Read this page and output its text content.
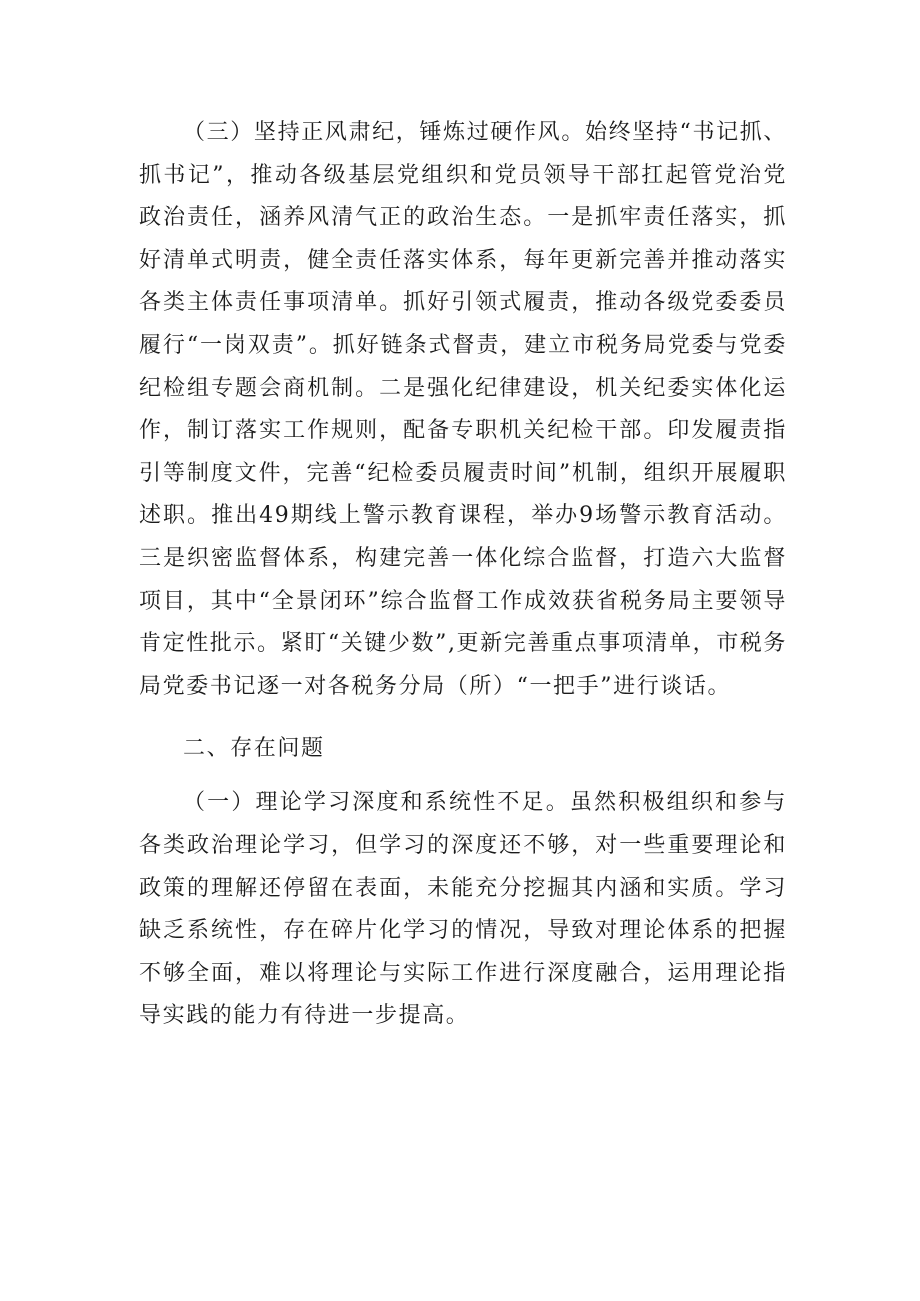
（三）坚持正风肃纪，锤炼过硬作风。始终坚持“书记抓、抓书记”，推动各级基层党组织和党员领导干部扛起管党治党政治责任，涵养风清气正的政治生态。一是抓牢责任落实，抓好清单式明责，健全责任落实体系，每年更新完善并推动落实各类主体责任事项清单。抓好引领式履责，推动各级党委委员履行“一岗双责”。抓好链条式督责，建立市税务局党委与党委纪检组专题会商机制。二是强化纪律建设，机关纪委实体化运作，制订落实工作规则，配备专职机关纪检干部。印发履责指引等制度文件，完善“纪检委员履责时间”机制，组织开展履职述职。推出49期线上警示教育课程，举办9场警示教育活动。三是织密监督体系，构建完善一体化综合监督，打造六大监督项目，其中“全景闭环”综合监督工作成效获省税务局主要领导肯定性批示。紧盯“关键少数”,更新完善重点事项清单，市税务局党委书记逐一对各税务分局（所）“一把手”进行谈话。

二、存在问题

（一）理论学习深度和系统性不足。虽然积极组织和参与各类政治理论学习，但学习的深度还不够，对一些重要理论和政策的理解还停留在表面，未能充分挖掘其内涵和实质。学习缺乏系统性，存在碎片化学习的情况，导致对理论体系的把握不够全面，难以将理论与实际工作进行深度融合，运用理论指导实践的能力有待进一步提高。
